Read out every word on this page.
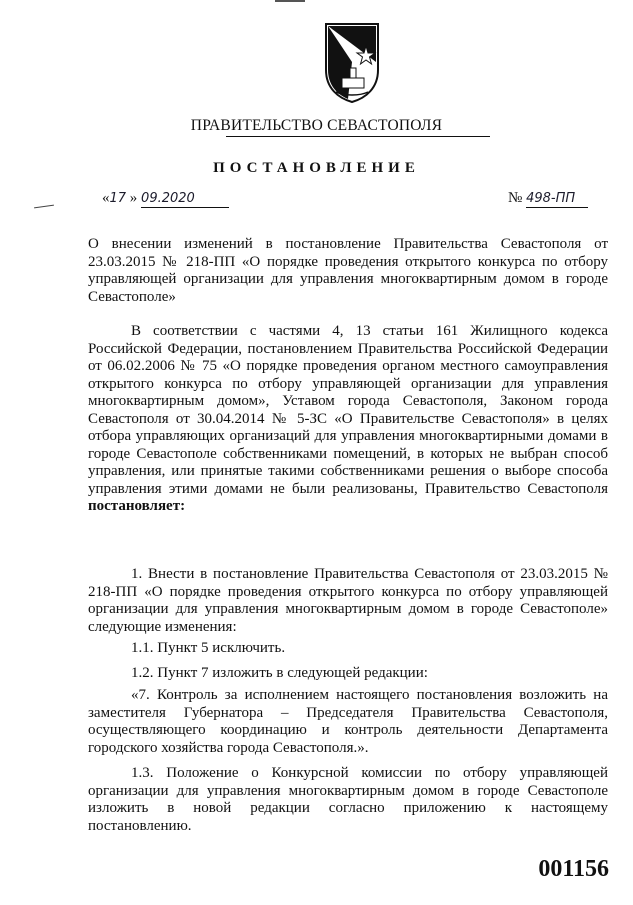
ПРАВИТЕЛЬСТВО СЕВАСТОПОЛЯ
ПОСТАНОВЛЕНИЕ
«17 » 09.2020	№ 498-ПП

О внесении изменений в постановление Правительства Севастополя от 23.03.2015 № 218-ПП «О порядке проведения открытого конкурса по отбору управляющей организации для управления многоквартирным домом в городе Севастополе»

В соответствии с частями 4, 13 статьи 161 Жилищного кодекса Российской Федерации, постановлением Правительства Российской Федерации от 06.02.2006 № 75 «О порядке проведения органом местного самоуправления открытого конкурса по отбору управляющей организации для управления многоквартирным домом», Уставом города Севастополя, Законом города Севастополя от 30.04.2014 № 5-ЗС «О Правительстве Севастополя» в целях отбора управляющих организаций для управления многоквартирными домами в городе Севастополе собственниками помещений, в которых не выбран способ управления, или принятые такими собственниками решения о выборе способа управления этими домами не были реализованы, Правительство Севастополя постановляет:

1. Внести в постановление Правительства Севастополя от 23.03.2015 № 218-ПП «О порядке проведения открытого конкурса по отбору управляющей организации для управления многоквартирным домом в городе Севастополе» следующие изменения:

1.1. Пункт 5 исключить.

1.2. Пункт 7 изложить в следующей редакции:

«7. Контроль за исполнением настоящего постановления возложить на заместителя Губернатора – Председателя Правительства Севастополя, осуществляющего координацию и контроль деятельности Департамента городского хозяйства города Севастополя.».

1.3. Положение о Конкурсной комиссии по отбору управляющей организации для управления многоквартирным домом в городе Севастополе изложить в новой редакции согласно приложению к настоящему постановлению.

001156
